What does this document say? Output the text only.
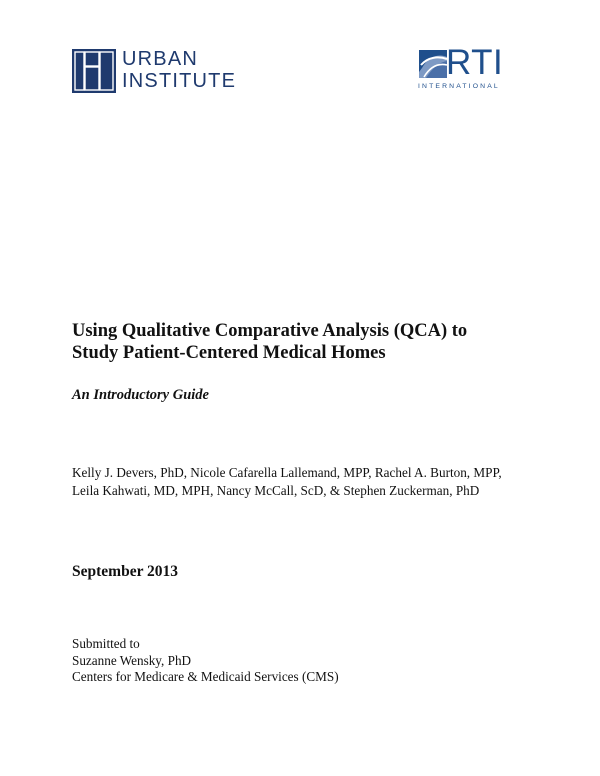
URBAN
INSTITUTE	RTI
INTERNATIONAL
Using Qualitative Comparative Analysis (QCA) to
Study Patient-Centered Medical Homes
An Introductory Guide
Kelly J. Devers, PhD, Nicole Cafarella Lallemand, MPP, Rachel A. Burton, MPP,
Leila Kahwati, MD, MPH, Nancy McCall, ScD, & Stephen Zuckerman, PhD
September 2013
Submitted to
Suzanne Wensky, PhD
Centers for Medicare & Medicaid Services (CMS)
